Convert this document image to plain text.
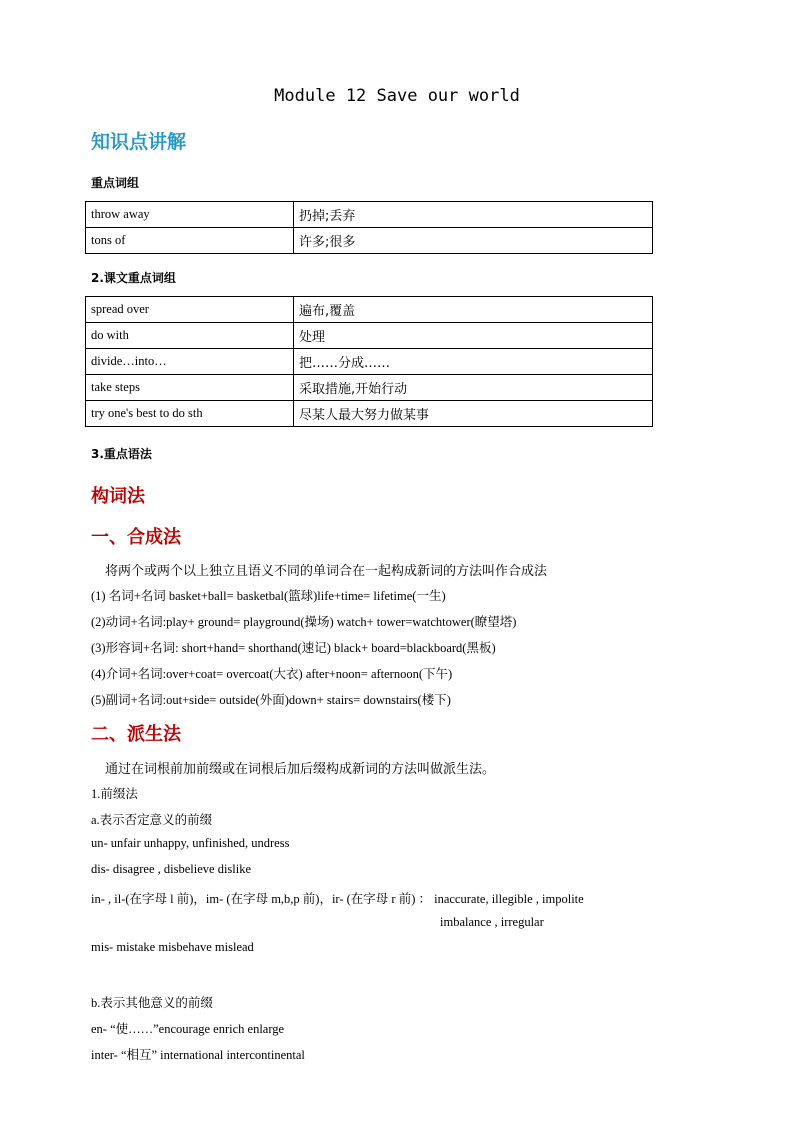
Module 12 Save our world
知识点讲解
重点词组
throw away	扔掉;丢弃
tons of	许多;很多
2.课文重点词组
spread over	遍布,覆盖
do with	处理
divide…into…	把……分成……
take steps	采取措施,开始行动
try one's best to do sth	尽某人最大努力做某事
3.重点语法
构词法
一、合成法
将两个或两个以上独立且语义不同的单词合在一起构成新词的方法叫作合成法
(1) 名词+名词 basket+ball= basketbal(篮球)life+time= lifetime(一生)
(2)动词+名词:play+ ground= playground(操场) watch+ tower=watchtower(瞭望塔)
(3)形容词+名词: short+hand= shorthand(速记) black+ board=blackboard(黑板)
(4)介词+名词:over+coat= overcoat(大衣) after+noon= afternoon(下午)
(5)副词+名词:out+side= outside(外面)down+ stairs= downstairs(楼下)
二、派生法
通过在词根前加前缀或在词根后加后缀构成新词的方法叫做派生法。
1.前缀法
a.表示否定意义的前缀
un- unfair unhappy, unfinished, undress
dis- disagree , disbelieve dislike
in- , il-(在字母 l 前)，im- (在字母 m,b,p 前)，ir- (在字母 r 前) ： inaccurate, illegible , impolite
imbalance , irregular
mis- mistake misbehave mislead
b.表示其他意义的前缀
en- “使……”encourage enrich enlarge
inter- “相互” international intercontinental
